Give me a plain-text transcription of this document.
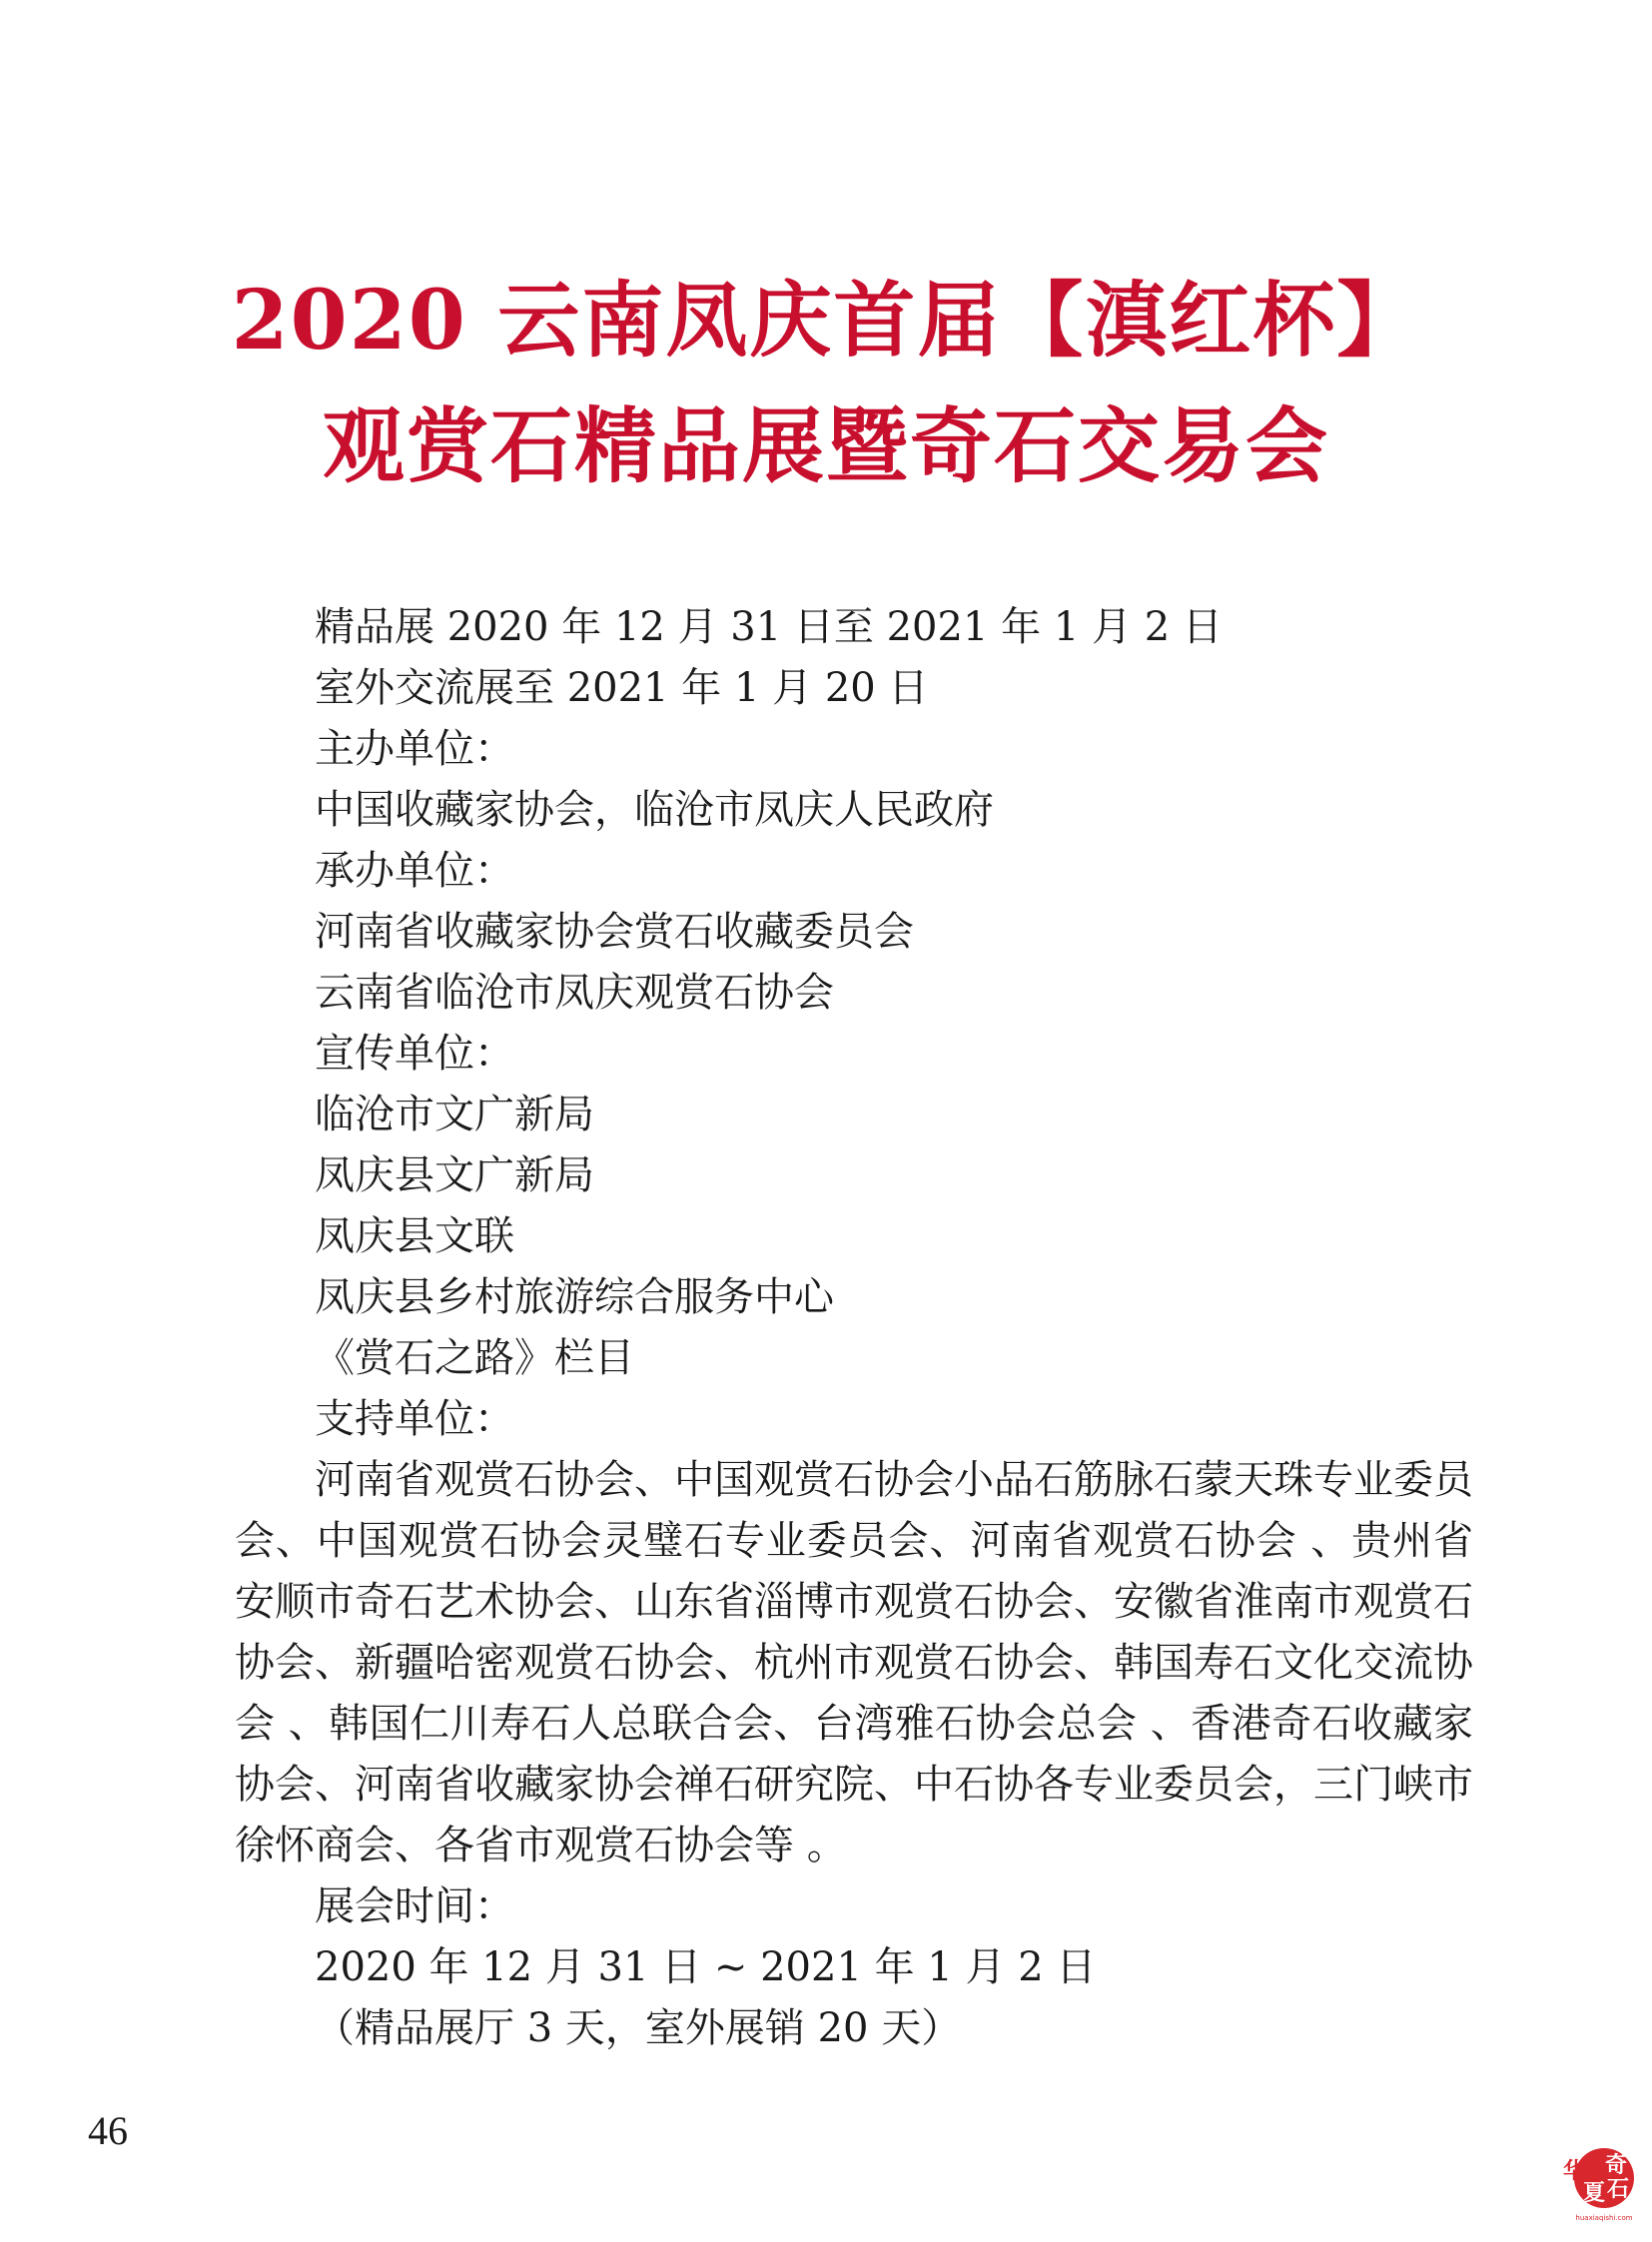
2020 云南凤庆首届【滇红杯】
观赏石精品展暨奇石交易会
精品展 2020 年 12 月 31 日至 2021 年 1 月 2 日
室外交流展至 2021 年 1 月 20 日
主办单位：
中国收藏家协会，临沧市凤庆人民政府
承办单位：
河南省收藏家协会赏石收藏委员会
云南省临沧市凤庆观赏石协会
宣传单位：
临沧市文广新局
凤庆县文广新局
凤庆县文联
凤庆县乡村旅游综合服务中心
《赏石之路》栏目
支持单位：
河南省观赏石协会、中国观赏石协会小品石筋脉石蒙天珠专业委员会、中国观赏石协会灵璧石专业委员会、河南省观赏石协会 、贵州省安顺市奇石艺术协会、山东省淄博市观赏石协会、安徽省淮南市观赏石协会、新疆哈密观赏石协会、杭州市观赏石协会、韩国寿石文化交流协会 、韩国仁川寿石人总联合会、台湾雅石协会总会 、香港奇石收藏家协会、河南省收藏家协会禅石研究院、中石协各专业委员会，三门峡市徐怀商会、各省市观赏石协会等 。
展会时间：
2020 年 12 月 31 日 ~ 2021 年 1 月 2 日
（精品展厅 3 天，室外展销 20 天）
46
奇
石
华
夏
huaxiaqishi.com
